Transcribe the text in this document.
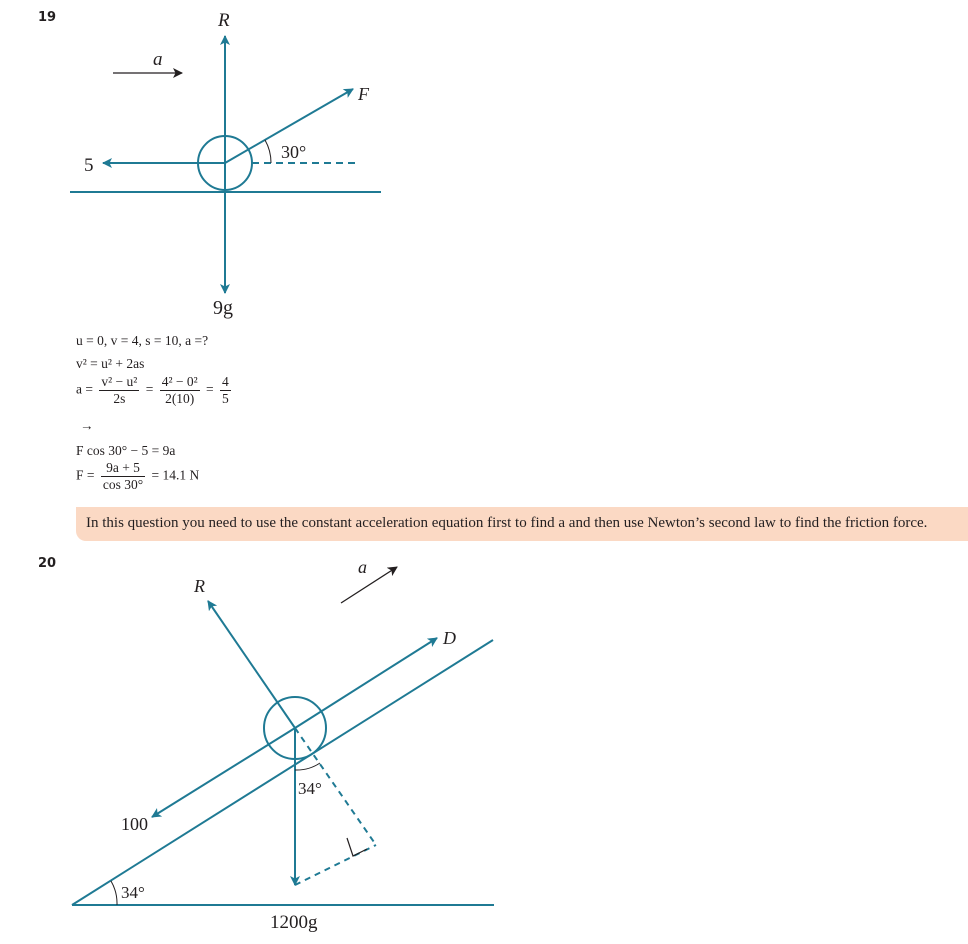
19	R
a
F
30°
5
9g
u = 0, v = 4, s = 10, a =?
v² = u² + 2as
$a = \frac{\text{v² − u²}}{2s} = \frac{\text{4² − 0²}}{2(10)} = \frac{4}{5}$
→
F cos 30° − 5 = 9a
$F = \frac{9a + 5}{\cos 30^\circ} = 14.1$ N
In this question you need to use the constant acceleration equation first to find a and then use Newton’s second law to find the friction force.
20	a
R
D
100
34°
34°
1200g
